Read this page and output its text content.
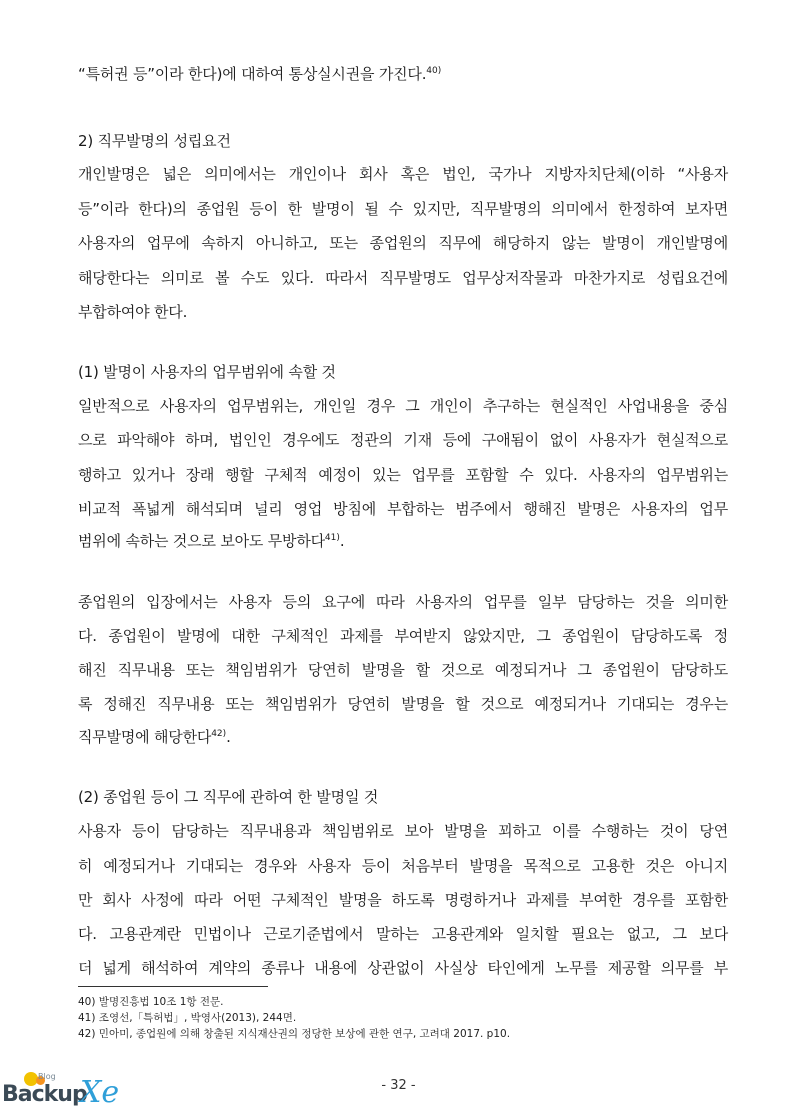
“특허권 등”이라 한다)에 대하여 통상실시권을 가진다.$^{40)}$
2) 직무발명의 성립요건
개인발명은 넓은 의미에서는 개인이나 회사 혹은 법인, 국가나 지방자치단체(이하 “사용자
등”이라 한다)의 종업원 등이 한 발명이 될 수 있지만, 직무발명의 의미에서 한정하여 보자면
사용자의 업무에 속하지 아니하고, 또는 종업원의 직무에 해당하지 않는 발명이 개인발명에
해당한다는 의미로 볼 수도 있다. 따라서 직무발명도 업무상저작물과 마찬가지로 성립요건에
부합하여야 한다.
(1) 발명이 사용자의 업무범위에 속할 것
일반적으로 사용자의 업무범위는, 개인일 경우 그 개인이 추구하는 현실적인 사업내용을 중심
으로 파악해야 하며, 법인인 경우에도 정관의 기재 등에 구애됨이 없이 사용자가 현실적으로
행하고 있거나 장래 행할 구체적 예정이 있는 업무를 포함할 수 있다. 사용자의 업무범위는
비교적 폭넓게 해석되며 널리 영업 방침에 부합하는 범주에서 행해진 발명은 사용자의 업무
범위에 속하는 것으로 보아도 무방하다$^{41)}$.
종업원의 입장에서는 사용자 등의 요구에 따라 사용자의 업무를 일부 담당하는 것을 의미한
다. 종업원이 발명에 대한 구체적인 과제를 부여받지 않았지만, 그 종업원이 담당하도록 정
해진 직무내용 또는 책임범위가 당연히 발명을 할 것으로 예정되거나 그 종업원이 담당하도
록 정해진 직무내용 또는 책임범위가 당연히 발명을 할 것으로 예정되거나 기대되는 경우는
직무발명에 해당한다$^{42)}$.
(2) 종업원 등이 그 직무에 관하여 한 발명일 것
사용자 등이 담당하는 직무내용과 책임범위로 보아 발명을 꾀하고 이를 수행하는 것이 당연
히 예정되거나 기대되는 경우와 사용자 등이 처음부터 발명을 목적으로 고용한 것은 아니지
만 회사 사정에 따라 어떤 구체적인 발명을 하도록 명령하거나 과제를 부여한 경우를 포함한
다. 고용관계란 민법이나 근로기준법에서 말하는 고용관계와 일치할 필요는 없고, 그 보다
더 넓게 해석하여 계약의 종류나 내용에 상관없이 사실상 타인에게 노무를 제공할 의무를 부
40) 발명진흥법 10조 1항 전문.
41) 조영선,「특허법」, 박영사(2013), 244면.
42) 민아미, 종업원에 의해 창출된 지식재산권의 정당한 보상에 관한 연구, 고려대 2017. p10.
- 32 -
Blog
Backup
Xe
